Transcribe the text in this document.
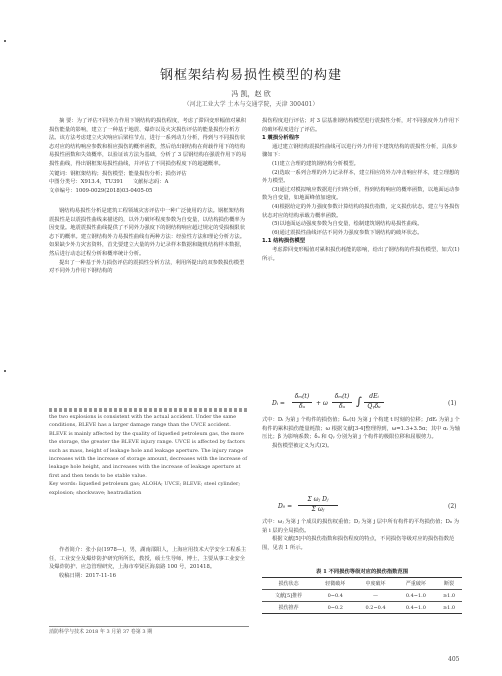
钢框架结构易损性模型的构建
冯 凯，赵 欣
（河北工业大学 土木与交通学院，天津 300401）

摘 要：为了评估不同外力作用下钢结构的损伤程度，考虑了滞回变形幅值对累积损伤能量的影响，建立了一种基于地震、爆炸以及火灾损伤评估的能量损伤分析方法。该方法考虑建立火灾响应后梁柱节点，进行一系列动力分析，得到与不同损伤状态对应的结构响应参数和相应损伤的概率函数，然后给出钢结构在荷载作用下的结构易损性函数和失效概率，以验证该方法为基础，分析了 3 层钢结构在强震作用下的易损性曲线，得出钢框架易损性曲线，并评估了不同损伤程度下的超越概率。

关键词：钢框架结构；损伤模型；能量损伤分析；损伤评估
中图分类号：X913.4，TU391 文献标志码：A
文章编号：1009-0029(2018)03-0405-05

钢结构易损性分析是建筑工程领域灾害评估中一种广泛使用的方法。钢框架结构震损性是以震损性曲线来描述的，以外力破坏程度参数为自变量，以结构损伤概率为因变量。地震震损性曲线提供了不同外力强度下的钢结构响应超过规定的受损极限状态下的概率。建立钢结构外力易损性曲线有两种方法：经验性方法和理论分析方法。如果缺少外力灾害资料，首先要建立大量的外力记录样本数据和随机结构样本数据，然后进行动态过程分析和概率统计分析。

提出了一种基于外力损伤评估的震损性分析方法，利用所提出的双参数损伤模型对不同外力作用下钢结构的

the two explosions is consistent with the actual accident. Under the same conditions, BLEVE has a larger damage range than the UVCE accident. BLEVE is mainly affected by the quality of liquefied petroleum gas, the more the storage, the greater the BLEVE injury range. UVCE is affected by factors such as mass, height of leakage hole and leakage aperture. The injury range increases with the increase of storage amount, decreases with the increase of leakage hole height, and increases with the increase of leakage aperture at first and then tends to be stable value.
Key words: liquefied petroleum gas; ALOHA; UVCE; BLEVE; steel cylinder; explosion; shockwave; heatradiation

作者简介：张小良(1978—)，男，湖南邵阳人，上海应用技术大学安全工程系主任，工业安全及爆炸防护研究所所长，教授，硕士生导师，博士，主要从事工业安全及爆炸防护、应急管理研究，上海市奉贤区海泉路 100 号，201418。

收稿日期：2017-11-16

消防科学与技术 2018 年 3 月第 37 卷第 3 期

损伤程度进行评估；对 3 层基准钢结构模型进行震损性分析，对不同强度外力作用下的破坏程度进行了评估。

1 震损分析程序

通过建立钢结构震损性曲线可以进行外力作用下建筑结构的震损性分析，具体步骤如下：

(1)建立合理的建筑钢结构分析模型。

(2)选取一系列合理的外力记录样本，建立相应的外力冲击响应样本，建立理想的外力模型。

(3)通过对模拟响应数据进行归纳分析，得到结构响应的概率函数，以地面运动参数为自变量，如地面峰值加速度。

(4)根据给定的外力强度参数计算结构的损伤指数，定义损伤状态，建立与各损伤状态对应的结构承载力概率函数。

(5)以地面运动强度参数为自变量，绘制建筑钢结构易损性曲线。

(6)通过震损性曲线评估不同外力强度参数下钢结构的破坏状态。

1.1 结构损伤模型

考虑滞回变形幅值对累积损伤耗能的影响，给出了钢结构的件损伤模型，如式(1)所示。

Dᵢ =
δₘ(t)
δᵤ	+ ω
δₘ(t)
δᵤ	∫	dEᵢ
Qᵧδᵤ	(1)

式中：Dᵢ 为第 j 个构件的损伤值；δₘ(t) 为第 j 个构建 t 时刻的位移；∫dEᵢ 为第 j 个构件的累积损伤能量耗散；ω 根据文献[3-4]整理得到，ω=1.3+3.5α；其中 αᵢ 为轴压比；β 为影响系数；δᵤ 和 Qᵧ 分别为第 j 个构件的极限位移和屈服剪力。

损伤模型被定义为式(2)。

D₀ =
Σ ωⱼ Dⱼ
Σ ωⱼ	(2)

式中：ωⱼ 为第 j 个成员的损伤权重值；Dⱼ 为第 j 层中所有构件的平均损伤值；D₀ 为第 i 层的全局损伤。

根据文献[5]中的损伤指数和损伤程度的特点，不同损伤等级对应的损伤指数范围，见表 1 所示。

表 1 不同损伤等级对应的损伤指数范围
损伤状态	轻微破坏	中度破坏	严重破坏	断裂
文献[5]推荐	0~0.4	—	0.4~1.0	≥1.0
损伤推荐	0~0.2	0.2~0.4	0.4~1.0	≥1.0
405
